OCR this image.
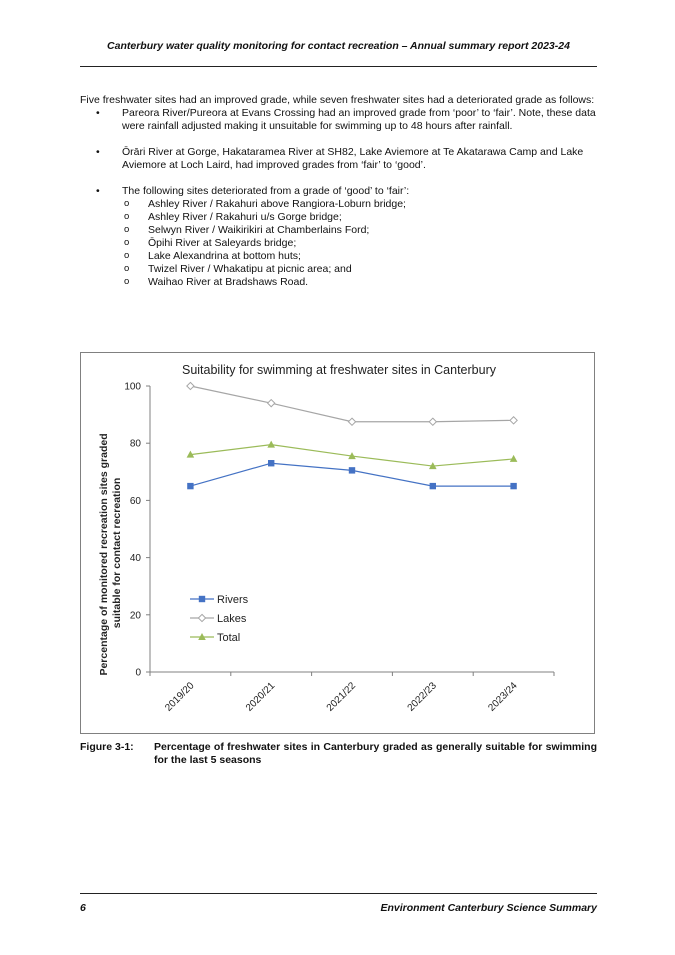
Canterbury water quality monitoring for contact recreation – Annual summary report 2023-24

Five freshwater sites had an improved grade, while seven freshwater sites had a deteriorated grade as follows:

• Pareora River/Pureora at Evans Crossing had an improved grade from ‘poor’ to ‘fair’. Note, these data were rainfall adjusted making it unsuitable for swimming up to 48 hours after rainfall.
• Ōrāri River at Gorge, Hakataramea River at SH82, Lake Aviemore at Te Akatarawa Camp and Lake Aviemore at Loch Laird, had improved grades from ‘fair’ to ‘good’.
• The following sites deteriorated from a grade of ‘good’ to ‘fair’:
o Ashley River / Rakahuri above Rangiora-Loburn bridge;
o Ashley River / Rakahuri u/s Gorge bridge;
o Selwyn River / Waikirikiri at Chamberlains Ford;
o Ōpihi River at Saleyards bridge;
o Lake Alexandrina at bottom huts;
o Twizel River / Whakatipu at picnic area; and
o Waihao River at Bradshaws Road.
Suitability for swimming at freshwater sites in Canterbury
Percentage of monitored recreation sites graded suitable for contact recreation
0
20
40
60
80
100
2019/20	2020/21	2021/22	2022/23	2023/24
Rivers
Lakes
Total
Figure 3-1: Percentage of freshwater sites in Canterbury graded as generally suitable for swimming for the last 5 seasons
6	Environment Canterbury Science Summary
